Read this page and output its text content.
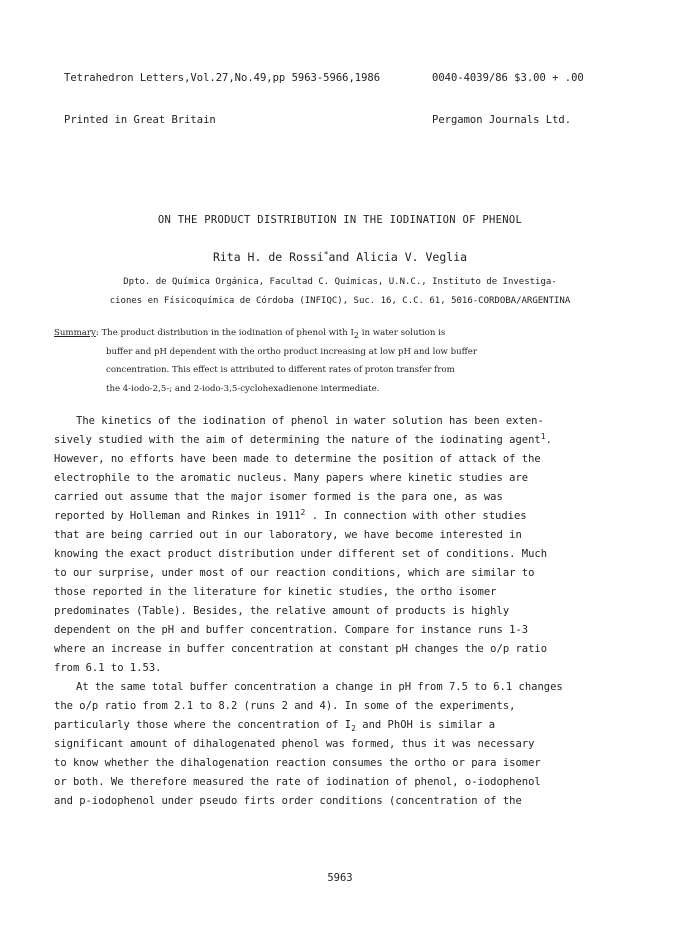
Tetrahedron Letters,Vol.27,No.49,pp 5963-5966,1986

Printed in Great Britain

0040-4039/86 $3.00 + .00

Pergamon Journals Ltd.

ON THE PRODUCT DISTRIBUTION IN THE IODINATION OF PHENOL
Rita H. de Rossi*and Alicia V. Veglia
Dpto. de Química Orgánica, Facultad C. Químicas, U.N.C., Instituto de Investiga-
ciones en Físicoquímica de Córdoba (INFIQC), Suc. 16, C.C. 61, 5016-CORDOBA/ARGENTINA
Summary: The product distribution in the iodination of phenol with $I_2$ in water solution is
buffer and pH dependent with the ortho product increasing at low pH and low buffer
concentration. This effect is attributed to different rates of proton transfer from
the 4-iodo-2,5-; and 2-iodo-3,5-cyclohexadienone intermediate.
The kinetics of the iodination of phenol in water solution has been exten-
sively studied with the aim of determining the nature of the iodinating agent$^1$.
However, no efforts have been made to determine the position of attack of the
electrophile to the aromatic nucleus. Many papers where kinetic studies are
carried out assume that the major isomer formed is the para one, as was
reported by Holleman and Rinkes in 1911$^2$ . In connection with other studies
that are being carried out in our laboratory, we have become interested in
knowing the exact product distribution under different set of conditions. Much
to our surprise, under most of our reaction conditions, which are similar to
those reported in the literature for kinetic studies, the ortho isomer
predominates (Table). Besides, the relative amount of products is highly
dependent on the pH and buffer concentration. Compare for instance runs 1-3
where an increase in buffer concentration at constant pH changes the o/p ratio
from 6.1 to 1.53.
At the same total buffer concentration a change in pH from 7.5 to 6.1 changes
the o/p ratio from 2.1 to 8.2 (runs 2 and 4). In some of the experiments,
particularly those where the concentration of $I_2$ and PhOH is similar a
significant amount of dihalogenated phenol was formed, thus it was necessary
to know whether the dihalogenation reaction consumes the ortho or para isomer
or both. We therefore measured the rate of iodination of phenol, o-iodophenol
and p-iodophenol under pseudo firts order conditions (concentration of the
5963
